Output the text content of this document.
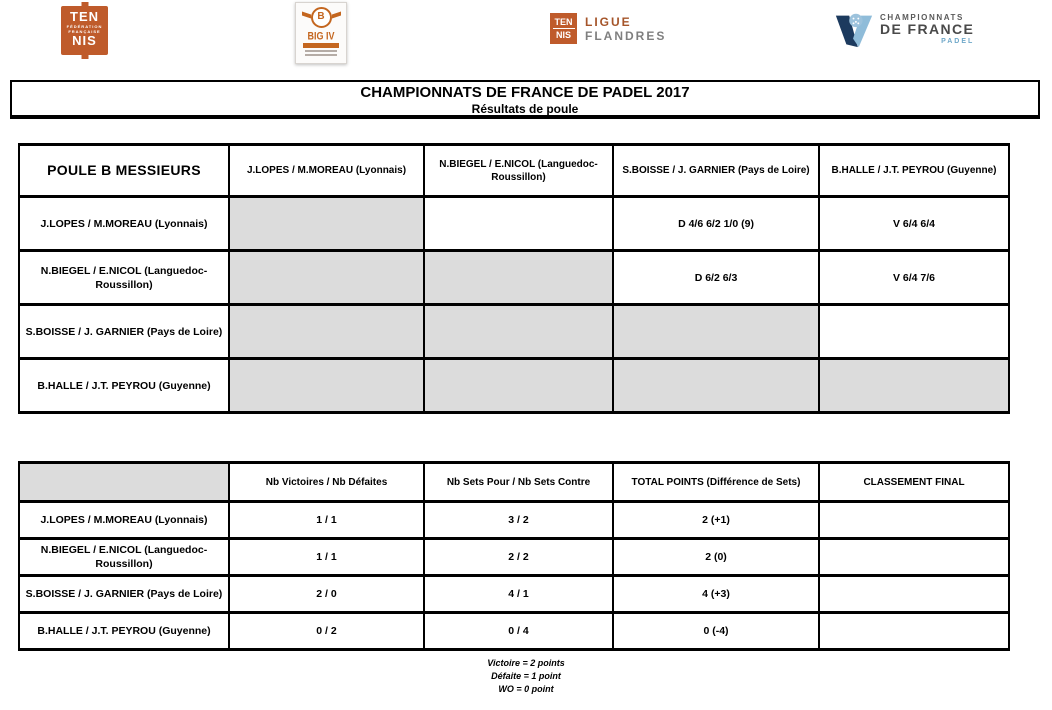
TEN
FÉDÉRATION
FRANÇAISE
NIS
B
BIG IV
TEN
NIS
LIGUE
FLANDRES
CHAMPIONNATS
DE FRANCE
PADEL
CHAMPIONNATS DE FRANCE DE PADEL 2017
Résultats de poule
POULE B MESSIEURS	J.LOPES / M.MOREAU (Lyonnais)	N.BIEGEL / E.NICOL (Languedoc-Roussillon)	S.BOISSE / J. GARNIER (Pays de Loire)	B.HALLE / J.T. PEYROU (Guyenne)
J.LOPES / M.MOREAU (Lyonnais)			D 4/6 6/2 1/0 (9)	V 6/4 6/4
N.BIEGEL / E.NICOL (Languedoc-Roussillon)			D 6/2 6/3	V 6/4 7/6
S.BOISSE / J. GARNIER (Pays de Loire)				
B.HALLE / J.T. PEYROU (Guyenne)				
	Nb Victoires / Nb Défaites	Nb Sets Pour / Nb Sets Contre	TOTAL POINTS (Différence de Sets)	CLASSEMENT FINAL
J.LOPES / M.MOREAU (Lyonnais)	1 / 1	3 / 2	2 (+1)	
N.BIEGEL / E.NICOL (Languedoc-Roussillon)	1 / 1	2 / 2	2 (0)	
S.BOISSE / J. GARNIER (Pays de Loire)	2 / 0	4 / 1	4 (+3)	
B.HALLE / J.T. PEYROU (Guyenne)	0 / 2	0 / 4	0 (-4)	
Victoire = 2 points
Défaite = 1 point
WO = 0 point
